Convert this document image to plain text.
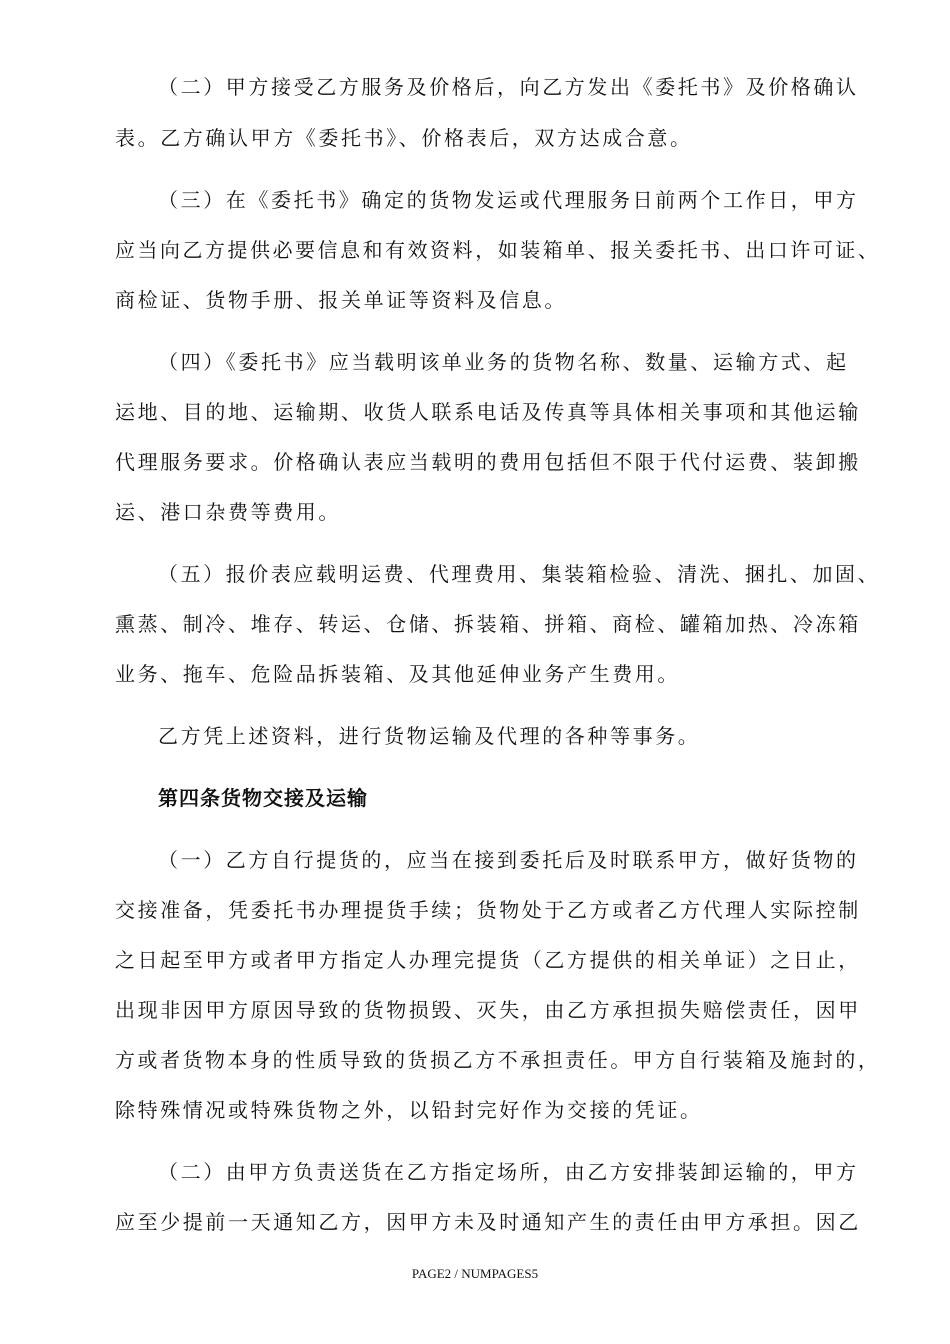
（二）甲方接受乙方服务及价格后，向乙方发出《委托书》及价格确认
表。乙方确认甲方《委托书》、价格表后，双方达成合意。
（三）在《委托书》确定的货物发运或代理服务日前两个工作日，甲方
应当向乙方提供必要信息和有效资料，如装箱单、报关委托书、出口许可证、
商检证、货物手册、报关单证等资料及信息。
（四）《委托书》应当载明该单业务的货物名称、数量、运输方式、起
运地、目的地、运输期、收货人联系电话及传真等具体相关事项和其他运输
代理服务要求。价格确认表应当载明的费用包括但不限于代付运费、装卸搬
运、港口杂费等费用。
（五）报价表应载明运费、代理费用、集装箱检验、清洗、捆扎、加固、
熏蒸、制冷、堆存、转运、仓储、拆装箱、拼箱、商检、罐箱加热、冷冻箱
业务、拖车、危险品拆装箱、及其他延伸业务产生费用。
乙方凭上述资料，进行货物运输及代理的各种等事务。
第四条货物交接及运输
（一）乙方自行提货的，应当在接到委托后及时联系甲方，做好货物的
交接准备，凭委托书办理提货手续；货物处于乙方或者乙方代理人实际控制
之日起至甲方或者甲方指定人办理完提货（乙方提供的相关单证）之日止，
出现非因甲方原因导致的货物损毁、灭失，由乙方承担损失赔偿责任，因甲
方或者货物本身的性质导致的货损乙方不承担责任。甲方自行装箱及施封的，
除特殊情况或特殊货物之外，以铅封完好作为交接的凭证。
（二）由甲方负责送货在乙方指定场所，由乙方安排装卸运输的，甲方
应至少提前一天通知乙方，因甲方未及时通知产生的责任由甲方承担。因乙
PAGE2 / NUMPAGES5
